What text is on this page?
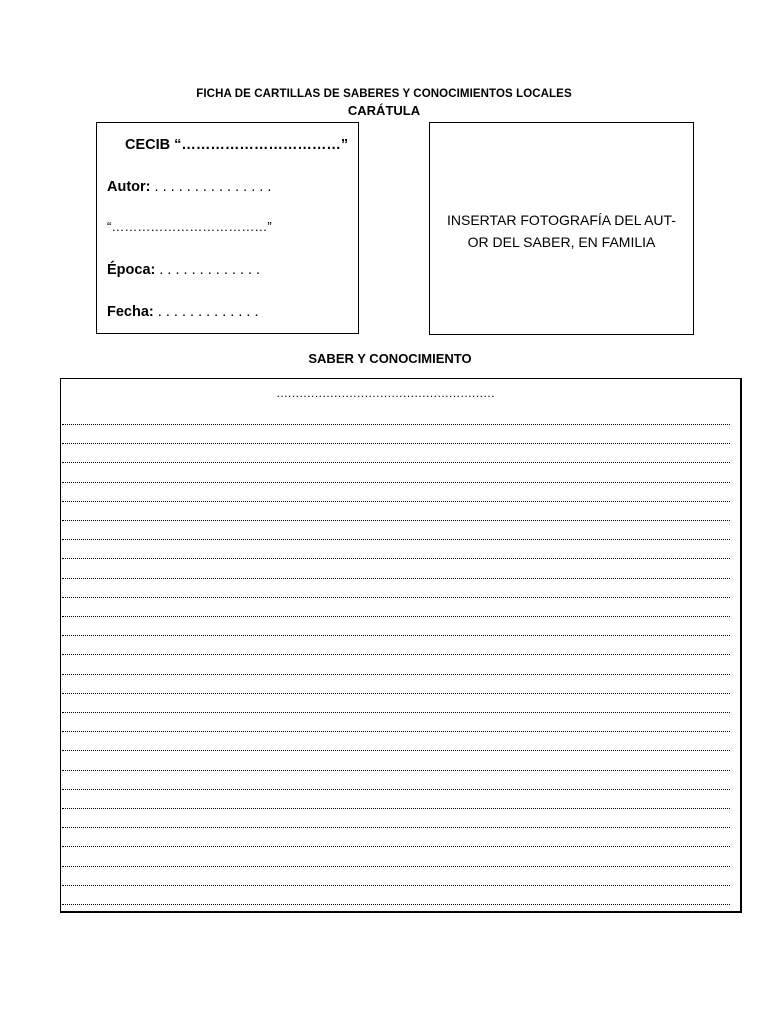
FICHA DE CARTILLAS DE SABERES Y CONOCIMIENTOS LOCALES
CARÁTULA
CECIB “……………………………”
Autor: . . . . . . . . . . . . . . .
“………………………………”
Época: . . . . . . . . . . . . .
Fecha: . . . . . . . . . . . . .
INSERTAR FOTOGRAFÍA DEL AUT-
OR DEL SABER, EN FAMILIA
SABER Y CONOCIMIENTO
…………………………………………………
